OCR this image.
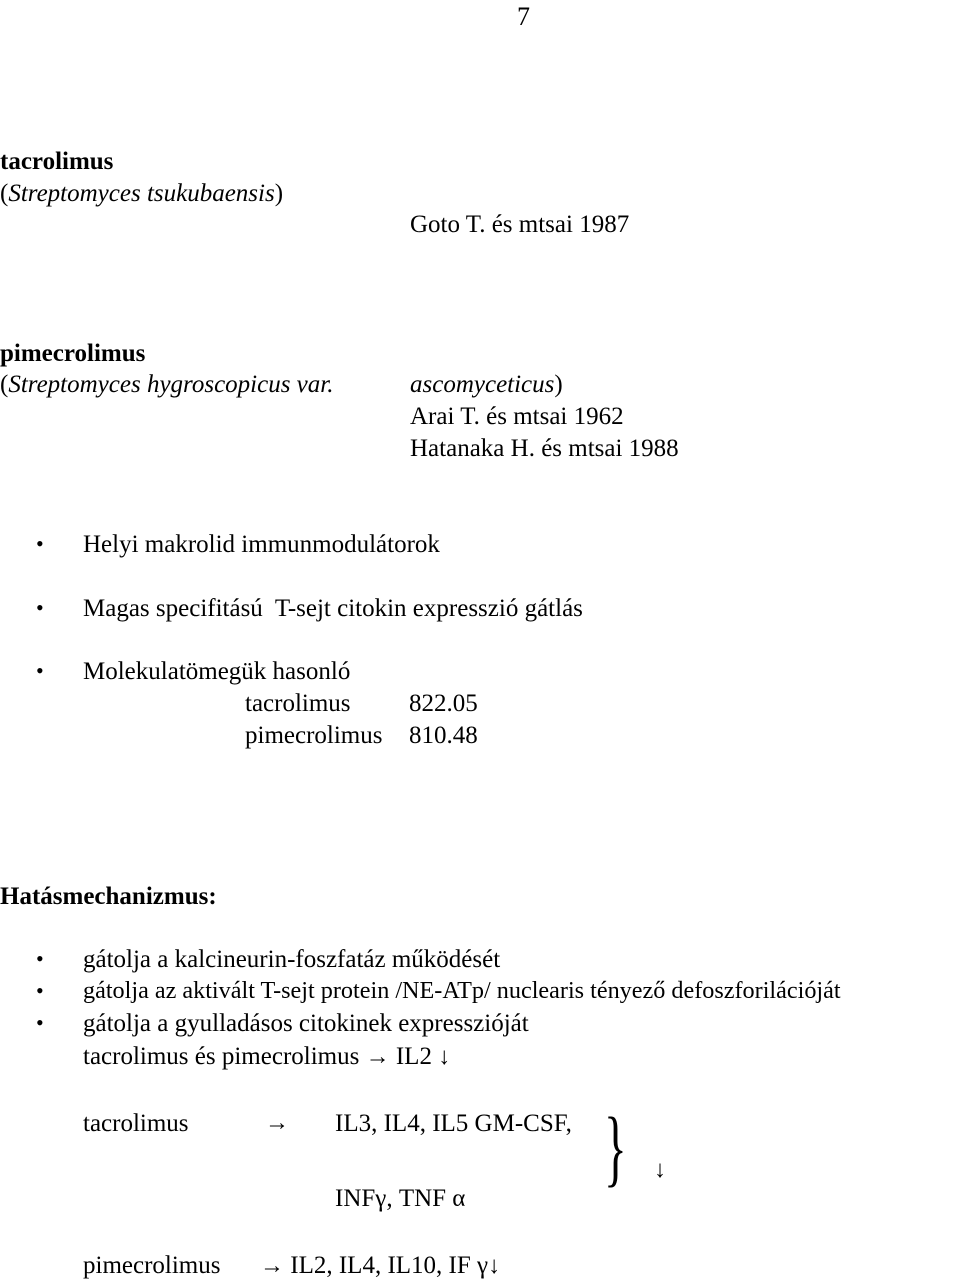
7
tacrolimus
(Streptomyces tsukubaensis)
Goto T. és mtsai 1987
pimecrolimus
(Streptomyces hygroscopicus var.	ascomyceticus)
Arai T. és mtsai 1962
Hatanaka H. és mtsai 1988
• Helyi makrolid immunmodulátorok
• Magas specifitású  T-sejt citokin expresszió gátlás
• Molekulatömegük hasonló
tacrolimus 822.05
pimecrolimus 810.48
Hatásmechanizmus:
• gátolja a kalcineurin-foszfatáz működését
• gátolja az aktivált T-sejt protein /NE-ATp/ nuclearis tényező defoszforilációját
• gátolja a gyulladásos citokinek expresszióját
tacrolimus és pimecrolimus → IL2 ↓
tacrolimus	→ IL3, IL4, IL5 GM-CSF,
INFγ, TNF α
} ↓
pimecrolimus → IL2, IL4, IL10, IF γ↓
